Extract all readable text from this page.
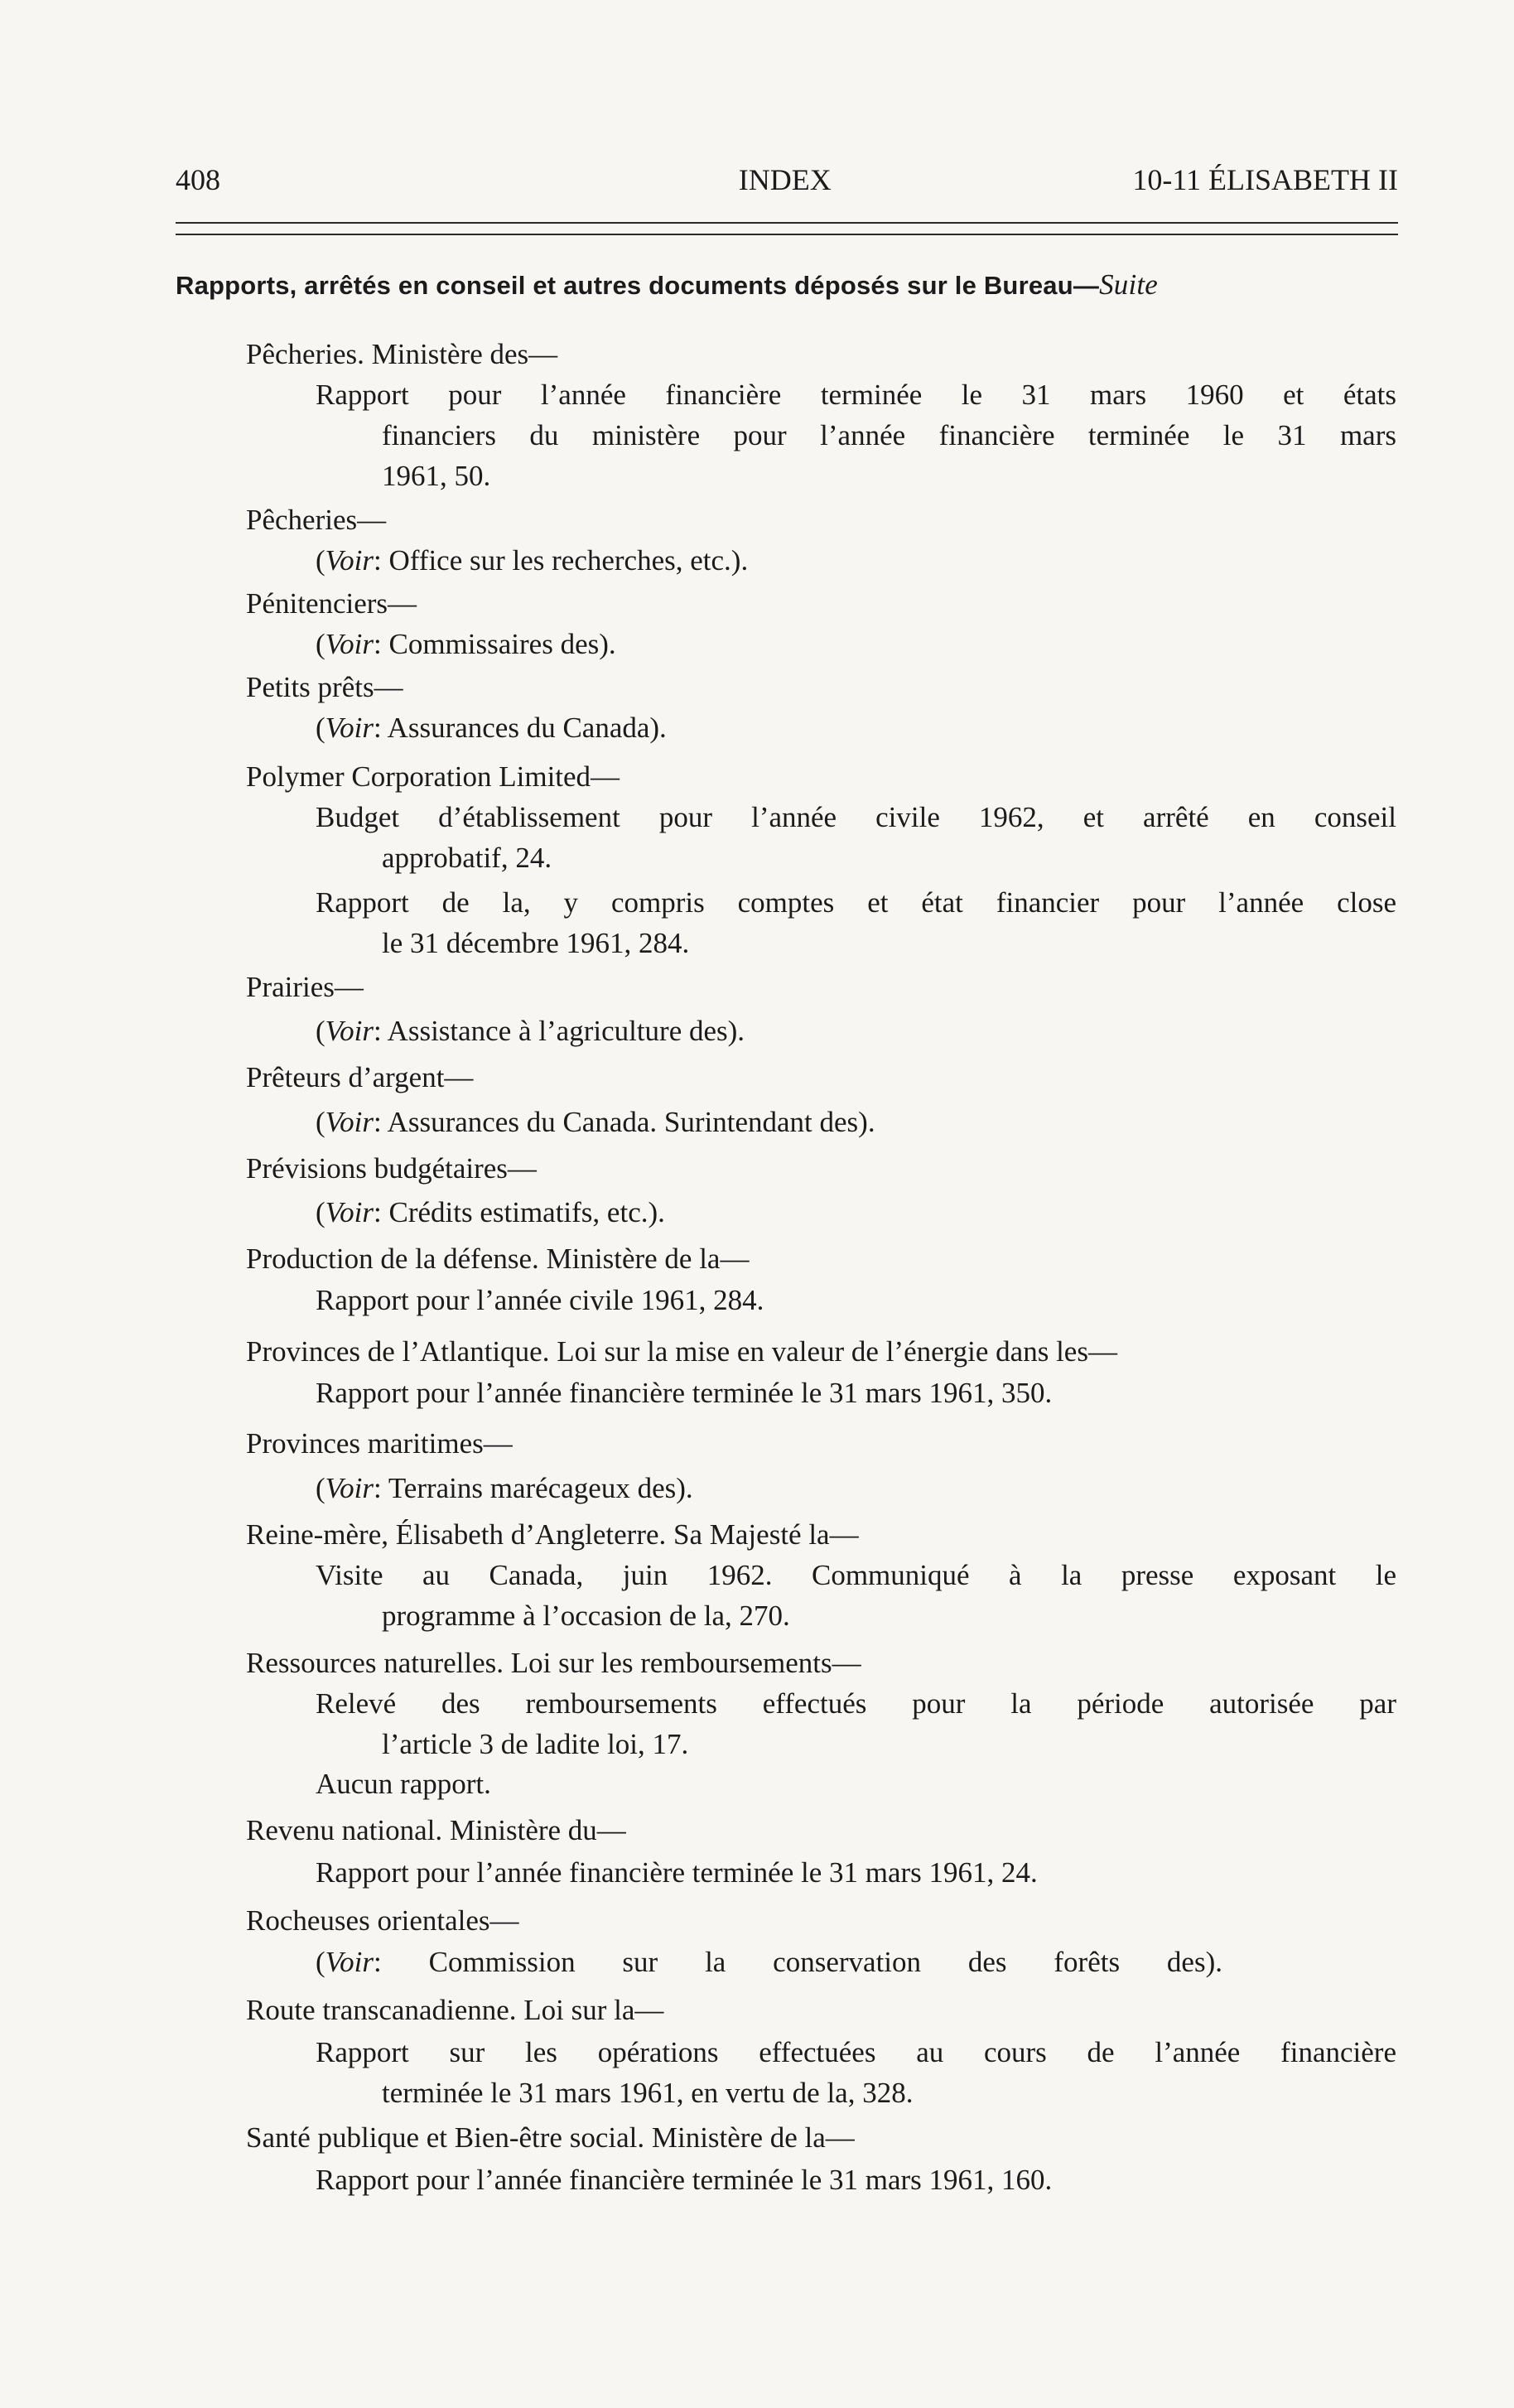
408	INDEX	10-11 ÉLISABETH II
Rapports, arrêtés en conseil et autres documents déposés sur le Bureau—Suite
Pêcheries. Ministère des—
Rapport pour l’année financière terminée le 31 mars 1960 et états
financiers du ministère pour l’année financière terminée le 31 mars
1961, 50.
Pêcheries—
(Voir: Office sur les recherches, etc.).
Pénitenciers—
(Voir: Commissaires des).
Petits prêts—
(Voir: Assurances du Canada).
Polymer Corporation Limited—
Budget d’établissement pour l’année civile 1962, et arrêté en conseil
approbatif, 24.
Rapport de la, y compris comptes et état financier pour l’année close
le 31 décembre 1961, 284.
Prairies—
(Voir: Assistance à l’agriculture des).
Prêteurs d’argent—
(Voir: Assurances du Canada. Surintendant des).
Prévisions budgétaires—
(Voir: Crédits estimatifs, etc.).
Production de la défense. Ministère de la—
Rapport pour l’année civile 1961, 284.
Provinces de l’Atlantique. Loi sur la mise en valeur de l’énergie dans les—
Rapport pour l’année financière terminée le 31 mars 1961, 350.
Provinces maritimes—
(Voir: Terrains marécageux des).
Reine-mère, Élisabeth d’Angleterre. Sa Majesté la—
Visite au Canada, juin 1962. Communiqué à la presse exposant le
programme à l’occasion de la, 270.
Ressources naturelles. Loi sur les remboursements—
Relevé des remboursements effectués pour la période autorisée par
l’article 3 de ladite loi, 17.
Aucun rapport.
Revenu national. Ministère du—
Rapport pour l’année financière terminée le 31 mars 1961, 24.
Rocheuses orientales—
(Voir: Commission sur la conservation des forêts des).
Route transcanadienne. Loi sur la—
Rapport sur les opérations effectuées au cours de l’année financière
terminée le 31 mars 1961, en vertu de la, 328.
Santé publique et Bien-être social. Ministère de la—
Rapport pour l’année financière terminée le 31 mars 1961, 160.
